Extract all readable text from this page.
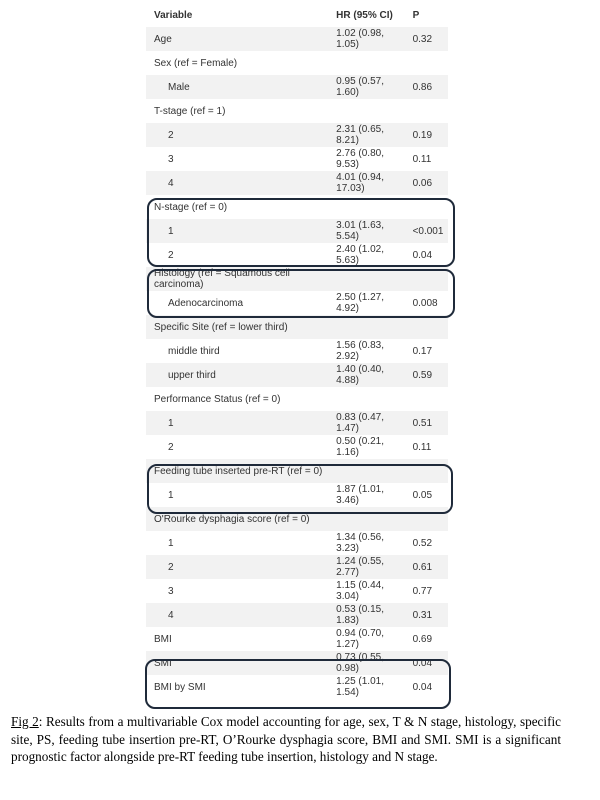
Variable	HR (95% CI)	P
Age	1.02 (0.98, 1.05)	0.32
Sex (ref = Female)		
Male	0.95 (0.57, 1.60)	0.86
T-stage (ref = 1)		
2	2.31 (0.65, 8.21)	0.19
3	2.76 (0.80, 9.53)	0.11
4	4.01 (0.94, 17.03)	0.06
N-stage (ref = 0)		
1	3.01 (1.63, 5.54)	<0.001
2	2.40 (1.02, 5.63)	0.04
Histology (ref = Squamous cell carcinoma)		
Adenocarcinoma	2.50 (1.27, 4.92)	0.008
Specific Site (ref = lower third)		
middle third	1.56 (0.83, 2.92)	0.17
upper third	1.40 (0.40, 4.88)	0.59
Performance Status (ref = 0)		
1	0.83 (0.47, 1.47)	0.51
2	0.50 (0.21, 1.16)	0.11
Feeding tube inserted pre-RT (ref = 0)		
1	1.87 (1.01, 3.46)	0.05
O'Rourke dysphagia score (ref = 0)		
1	1.34 (0.56, 3.23)	0.52
2	1.24 (0.55, 2.77)	0.61
3	1.15 (0.44, 3.04)	0.77
4	0.53 (0.15, 1.83)	0.31
BMI	0.94 (0.70, 1.27)	0.69
SMI	0.73 (0.55, 0.98)	0.04
BMI by SMI	1.25 (1.01, 1.54)	0.04
Fig 2: Results from a multivariable Cox model accounting for age, sex, T & N stage, histology, specific site, PS, feeding tube insertion pre-RT, O’Rourke dysphagia score, BMI and SMI. SMI is a significant prognostic factor alongside pre-RT feeding tube insertion, histology and N stage.
